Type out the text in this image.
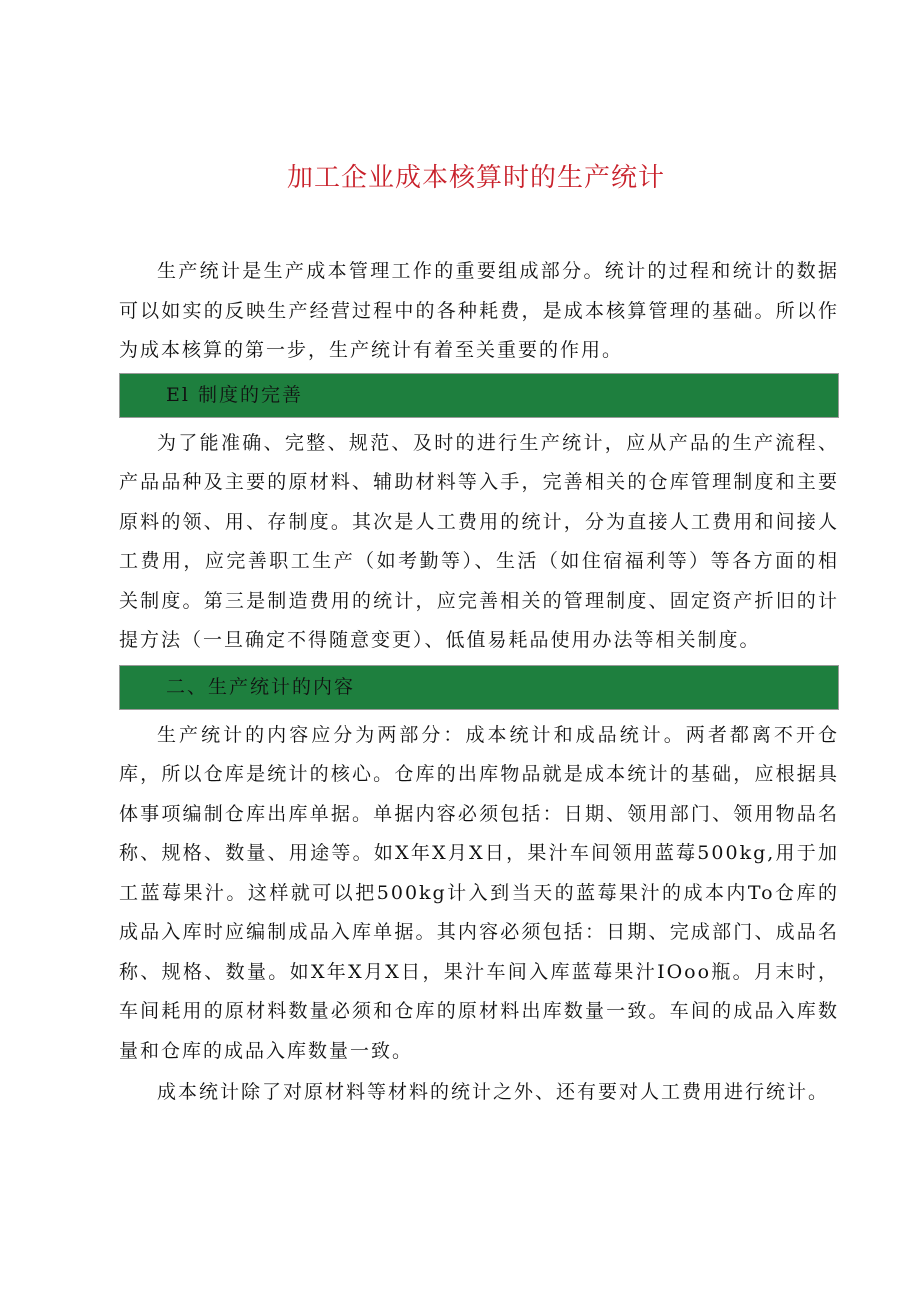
加工企业成本核算时的生产统计

生产统计是生产成本管理工作的重要组成部分。统计的过程和统计的数据可以如实的反映生产经营过程中的各种耗费，是成本核算管理的基础。所以作为成本核算的第一步，生产统计有着至关重要的作用。

El 制度的完善

为了能准确、完整、规范、及时的进行生产统计，应从产品的生产流程、产品品种及主要的原材料、辅助材料等入手，完善相关的仓库管理制度和主要原料的领、用、存制度。其次是人工费用的统计，分为直接人工费用和间接人工费用，应完善职工生产（如考勤等）、生活（如住宿福利等）等各方面的相关制度。第三是制造费用的统计，应完善相关的管理制度、固定资产折旧的计提方法（一旦确定不得随意变更）、低值易耗品使用办法等相关制度。

二、生产统计的内容

生产统计的内容应分为两部分：成本统计和成品统计。两者都离不开仓库，所以仓库是统计的核心。仓库的出库物品就是成本统计的基础，应根据具体事项编制仓库出库单据。单据内容必须包括：日期、领用部门、领用物品名称、规格、数量、用途等。如X年X月X日，果汁车间领用蓝莓500kg,用于加工蓝莓果汁。这样就可以把500kg计入到当天的蓝莓果汁的成本内To仓库的成品入库时应编制成品入库单据。其内容必须包括：日期、完成部门、成品名称、规格、数量。如X年X月X日，果汁车间入库蓝莓果汁IOoo瓶。月末时，车间耗用的原材料数量必须和仓库的原材料出库数量一致。车间的成品入库数量和仓库的成品入库数量一致。

成本统计除了对原材料等材料的统计之外、还有要对人工费用进行统计。
